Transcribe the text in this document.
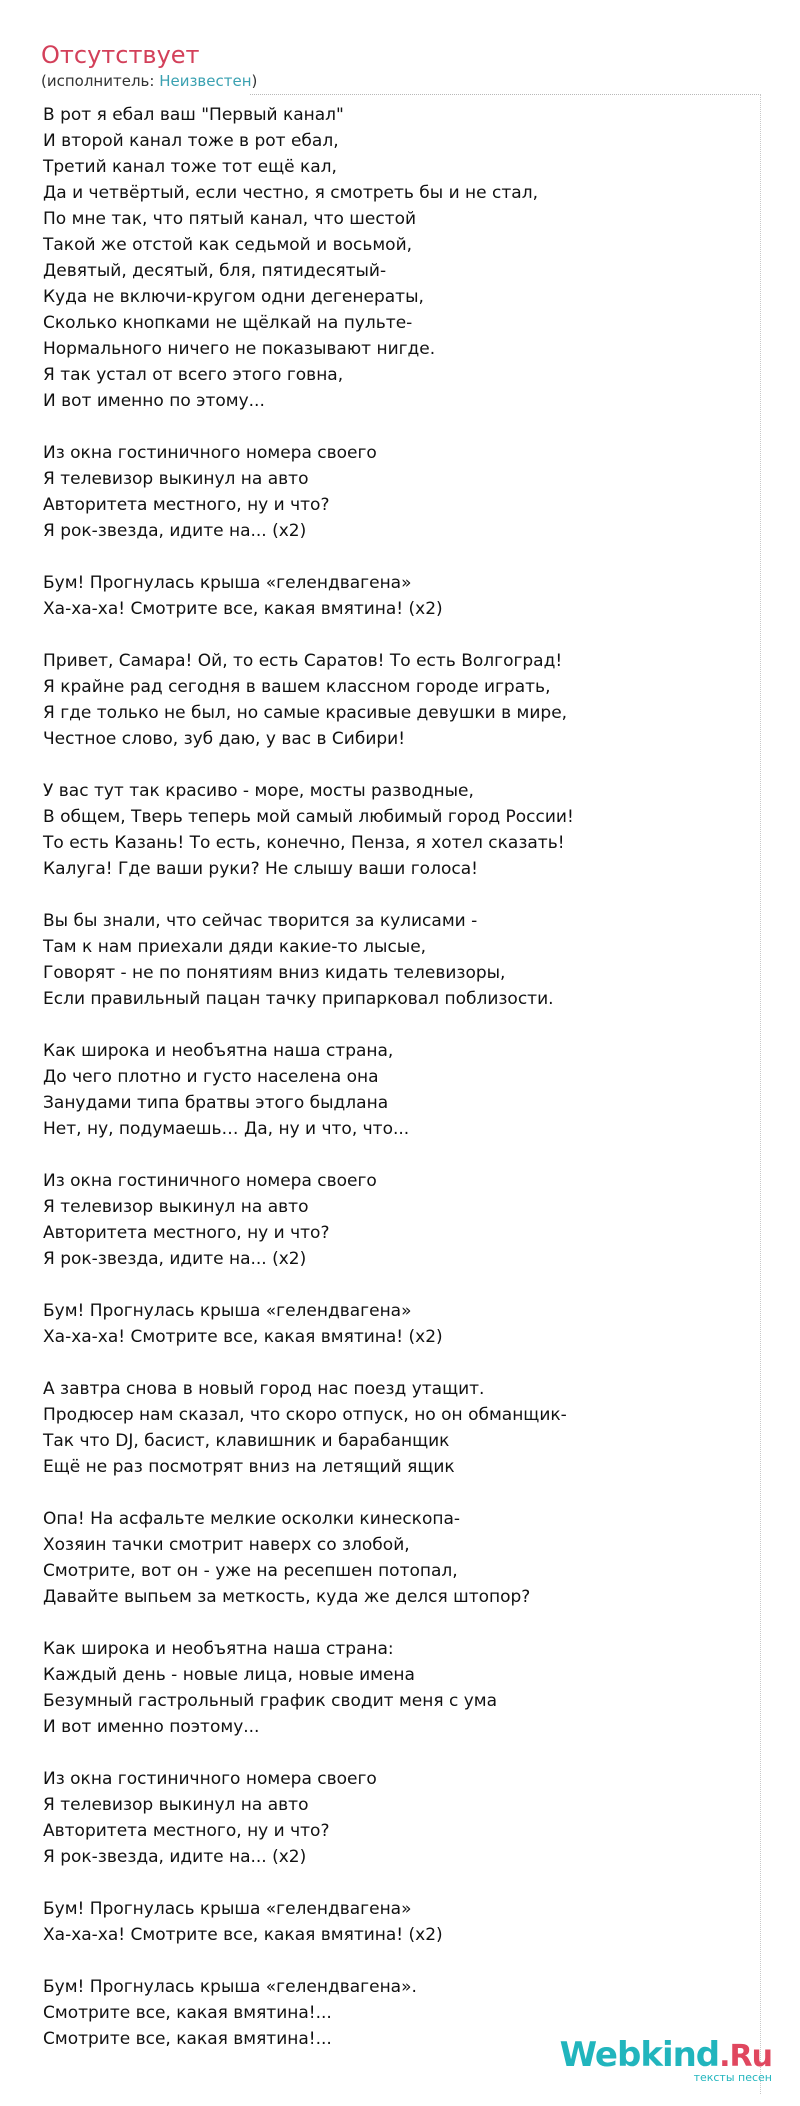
Отсутствует
(исполнитель: Неизвестен)
В рот я ебал ваш "Первый канал"
И второй канал тоже в рот ебал,
Третий канал тоже тот ещё кал,
Да и четвёртый, если честно, я смотреть бы и не стал,
По мне так, что пятый канал, что шестой
Такой же отстой как седьмой и восьмой,
Девятый, десятый, бля, пятидесятый-
Куда не включи-кругом одни дегенераты,
Сколько кнопками не щёлкай на пульте-
Нормального ничего не показывают нигде.
Я так устал от всего этого говна,
И вот именно по этому...
Из окна гостиничного номера своего
Я телевизор выкинул на авто
Авторитета местного, ну и что?
Я рок-звезда, идите на... (х2)
Бум! Прогнулась крыша «гелендвагена»
Ха-ха-ха! Смотрите все, какая вмятина! (х2)
Привет, Самара! Ой, то есть Саратов! То есть Волгоград!
Я крайне рад сегодня в вашем классном городе играть,
Я где только не был, но самые красивые девушки в мире,
Честное слово, зуб даю, у вас в Сибири!
У вас тут так красиво - море, мосты разводные,
В общем, Тверь теперь мой самый любимый город России!
То есть Казань! То есть, конечно, Пенза, я хотел сказать!
Калуга! Где ваши руки? Не слышу ваши голоса!
Вы бы знали, что сейчас творится за кулисами -
Там к нам приехали дяди какие-то лысые,
Говорят - не по понятиям вниз кидать телевизоры,
Если правильный пацан тачку припарковал поблизости.
Как широка и необъятна наша страна,
До чего плотно и густо населена она
Занудами типа братвы этого быдлана
Нет, ну, подумаешь… Да, ну и что, что...
Из окна гостиничного номера своего
Я телевизор выкинул на авто
Авторитета местного, ну и что?
Я рок-звезда, идите на... (х2)
Бум! Прогнулась крыша «гелендвагена»
Ха-ха-ха! Смотрите все, какая вмятина! (х2)
А завтра снова в новый город нас поезд утащит.
Продюсер нам сказал, что скоро отпуск, но он обманщик-
Так что DJ, басист, клавишник и барабанщик
Ещё не раз посмотрят вниз на летящий ящик
Опа! На асфальте мелкие осколки кинескопа-
Хозяин тачки смотрит наверх со злобой,
Смотрите, вот он - уже на ресепшен потопал,
Давайте выпьем за меткость, куда же делся штопор?
Как широка и необъятна наша страна:
Каждый день - новые лица, новые имена
Безумный гастрольный график сводит меня с ума
И вот именно поэтому...
Из окна гостиничного номера своего
Я телевизор выкинул на авто
Авторитета местного, ну и что?
Я рок-звезда, идите на... (х2)
Бум! Прогнулась крыша «гелендвагена»
Ха-ха-ха! Смотрите все, какая вмятина! (х2)
Бум! Прогнулась крыша «гелендвагена».
Смотрите все, какая вмятина!...
Смотрите все, какая вмятина!...	Webkind.Ru
тексты песен
